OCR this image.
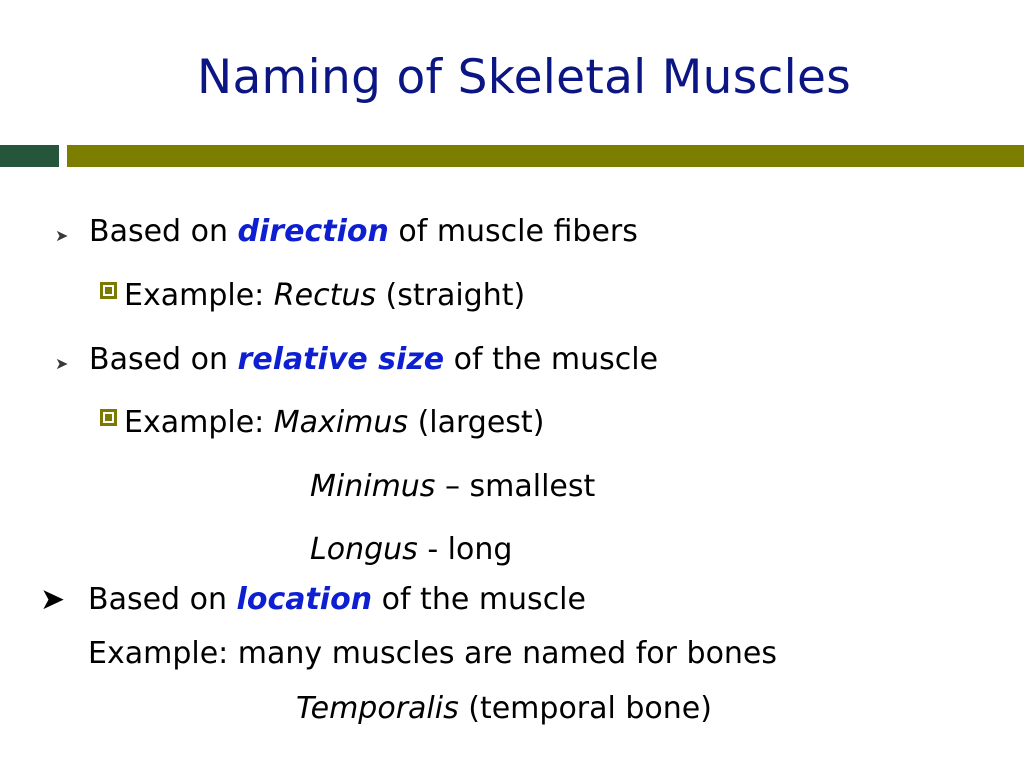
Naming of Skeletal Muscles
➤ Based on direction of muscle fibers
Example: Rectus (straight)
➤ Based on relative size of the muscle
Example: Maximus (largest)
Minimus – smallest
Longus - long
➤ Based on location of the muscle
Example: many muscles are named for bones
Temporalis (temporal bone)
